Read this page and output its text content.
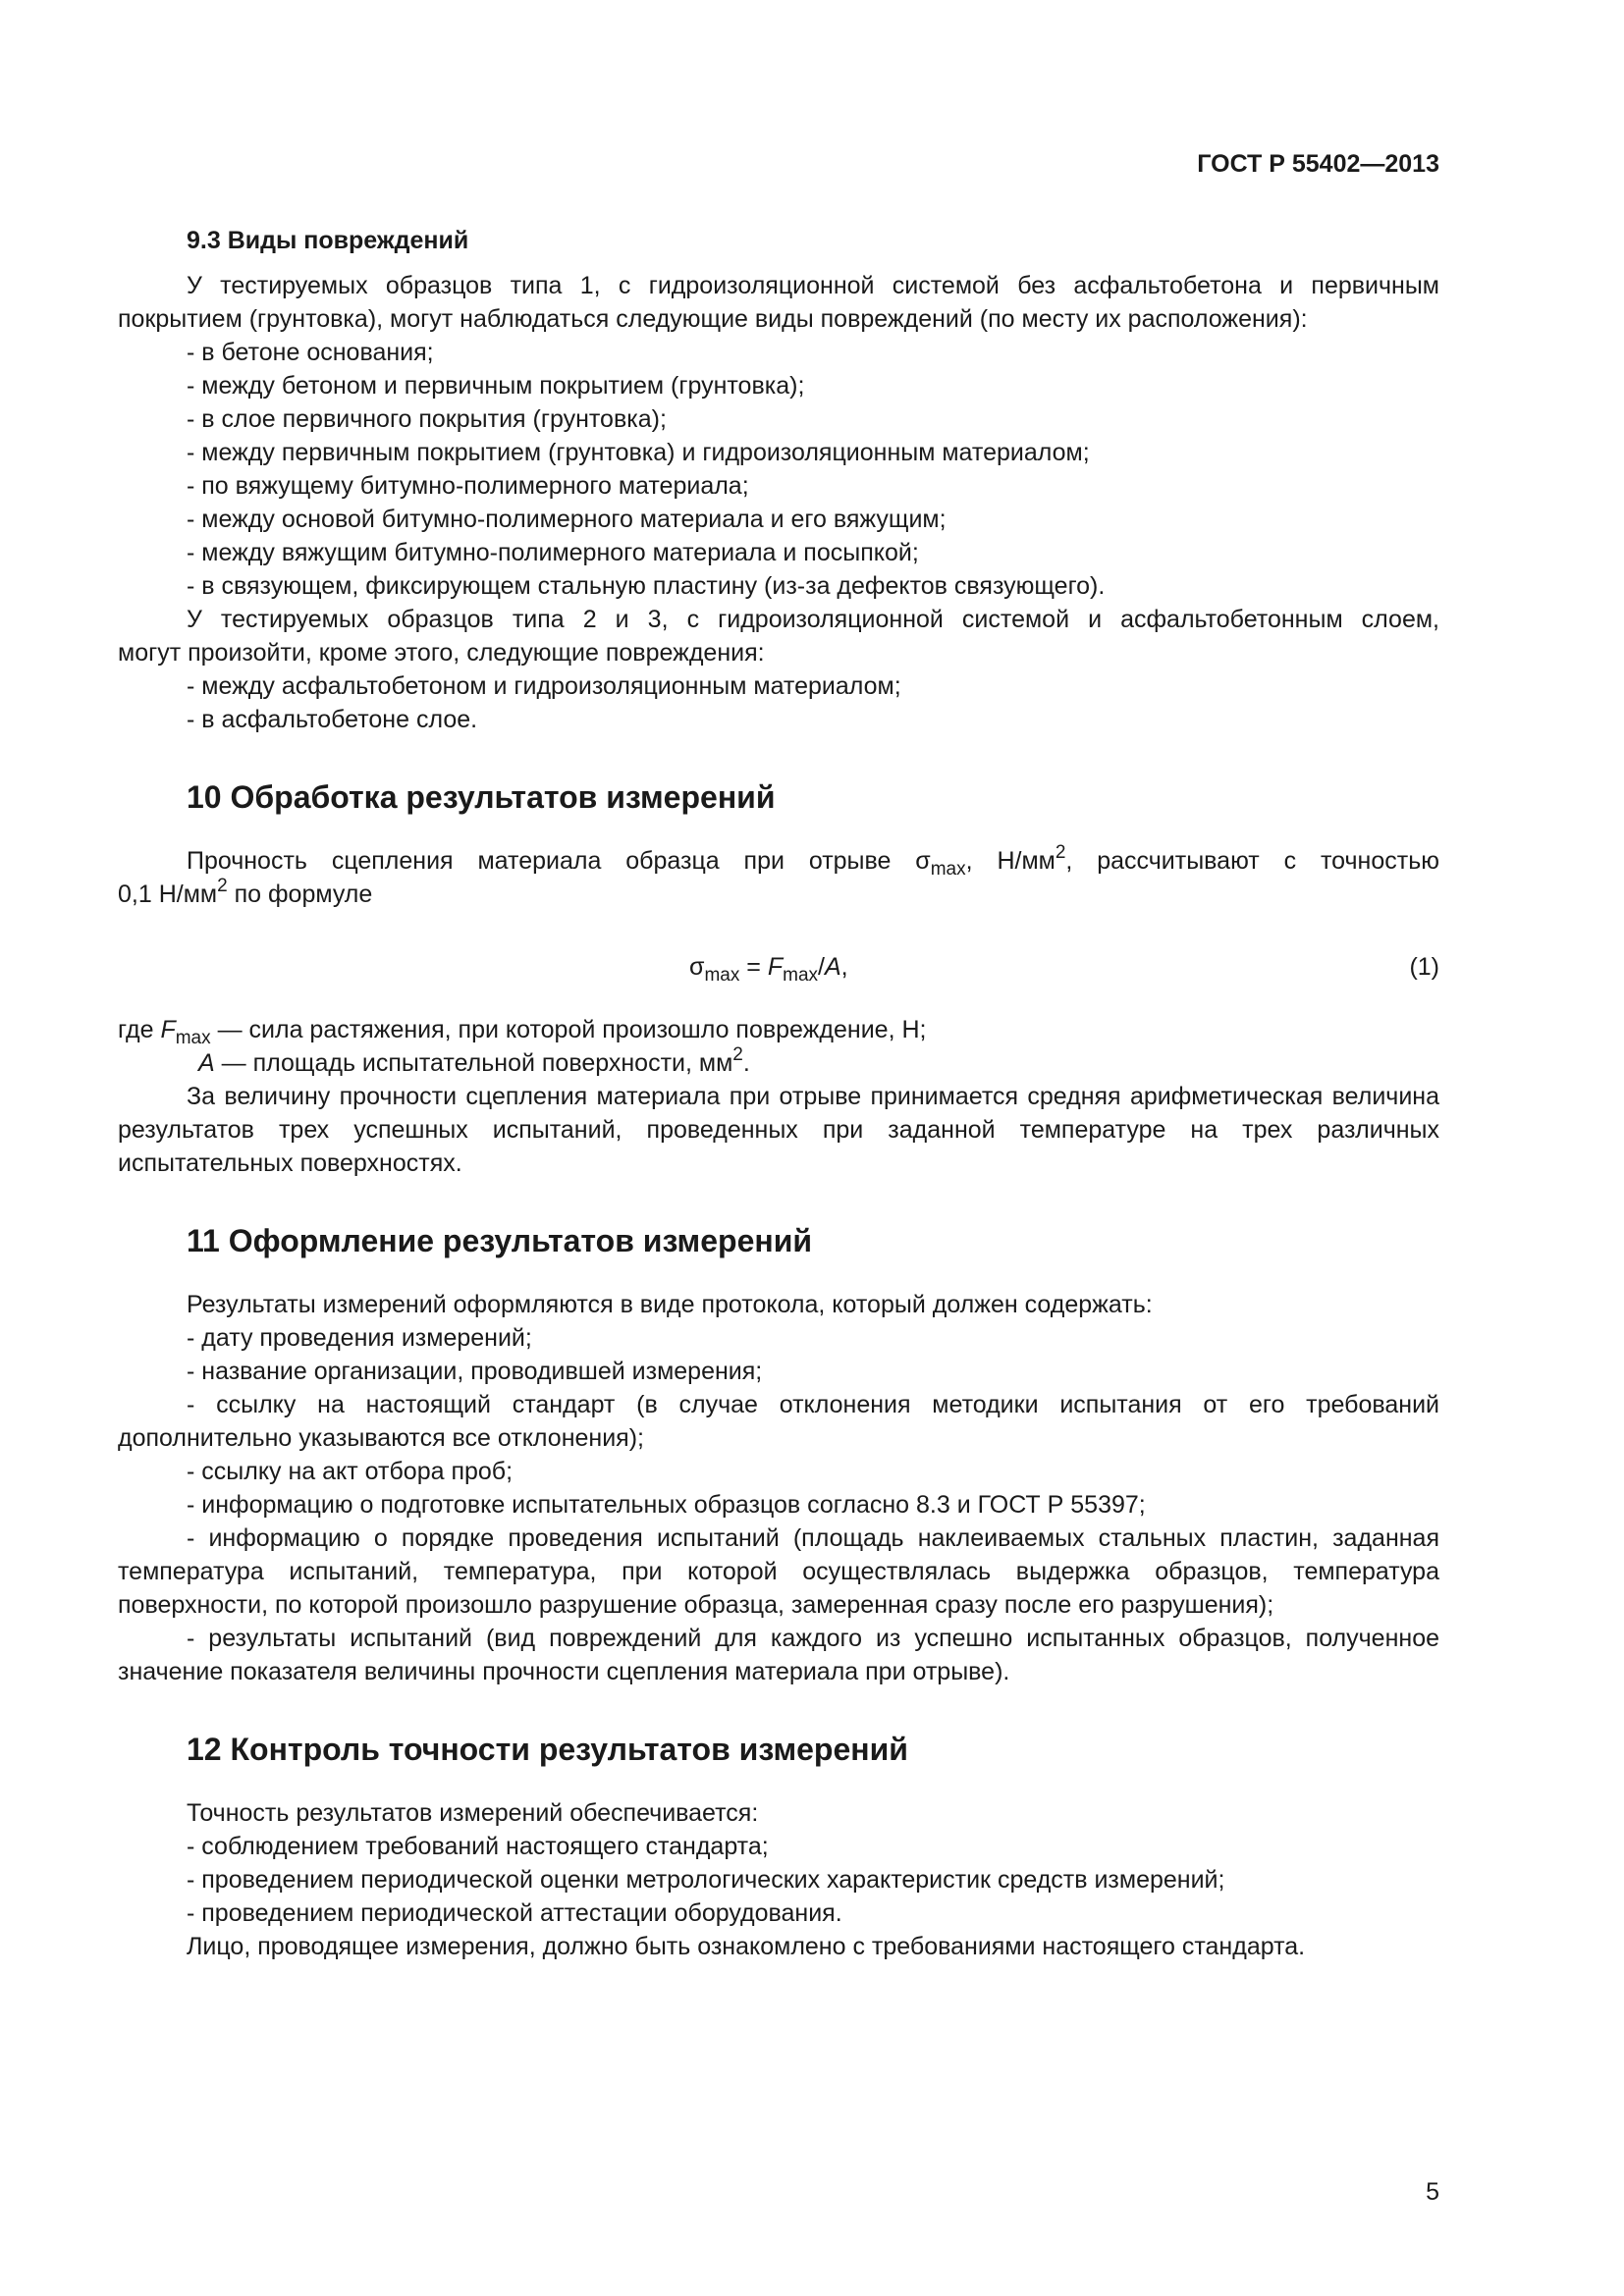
ГОСТ Р 55402—2013

9.3 Виды повреждений

У тестируемых образцов типа 1, с гидроизоляционной системой без асфальтобетона и первичным

покрытием (грунтовка), могут наблюдаться следующие виды повреждений (по месту их расположения):

- в бетоне основания;

- между бетоном и первичным покрытием (грунтовка);

- в слое первичного покрытия (грунтовка);

- между первичным покрытием (грунтовка) и гидроизоляционным материалом;

- по вяжущему битумно-полимерного материала;

- между основой битумно-полимерного материала и его вяжущим;

- между вяжущим битумно-полимерного материала и посыпкой;

- в связующем, фиксирующем стальную пластину (из-за дефектов связующего).

У тестируемых образцов типа 2 и 3, с гидроизоляционной системой и асфальтобетонным слоем,

могут произойти, кроме этого, следующие повреждения:

- между асфальтобетоном и гидроизоляционным материалом;

- в асфальтобетоне слое.

10 Обработка результатов измерений

Прочность сцепления материала образца при отрыве $\sigma_{max}$, $Н/мм^2$, рассчитывают с точностью

0,1 $Н/мм^2$ по формуле

$\sigma_{max} = F_{max}/A$,	(1)

где $F_{max}$ — сила растяжения, при которой произошло повреждение, Н;

A — площадь испытательной поверхности, $мм^2$.

За величину прочности сцепления материала при отрыве принимается средняя арифметическая величина результатов трех успешных испытаний, проведенных при заданной температуре на трех различных испытательных поверхностях.

11 Оформление результатов измерений

Результаты измерений оформляются в виде протокола, который должен содержать:

- дату проведения измерений;

- название организации, проводившей измерения;

- ссылку на настоящий стандарт (в случае отклонения методики испытания от его требований дополнительно указываются все отклонения);

- ссылку на акт отбора проб;

- информацию о подготовке испытательных образцов согласно 8.3 и ГОСТ Р 55397;

- информацию о порядке проведения испытаний (площадь наклеиваемых стальных пластин, заданная температура испытаний, температура, при которой осуществлялась выдержка образцов, температура поверхности, по которой произошло разрушение образца, замеренная сразу после его разрушения);

- результаты испытаний (вид повреждений для каждого из успешно испытанных образцов, полученное значение показателя величины прочности сцепления материала при отрыве).

12 Контроль точности результатов измерений

Точность результатов измерений обеспечивается:

- соблюдением требований настоящего стандарта;

- проведением периодической оценки метрологических характеристик средств измерений;

- проведением периодической аттестации оборудования.

Лицо, проводящее измерения, должно быть ознакомлено с требованиями настоящего стандарта.

5
